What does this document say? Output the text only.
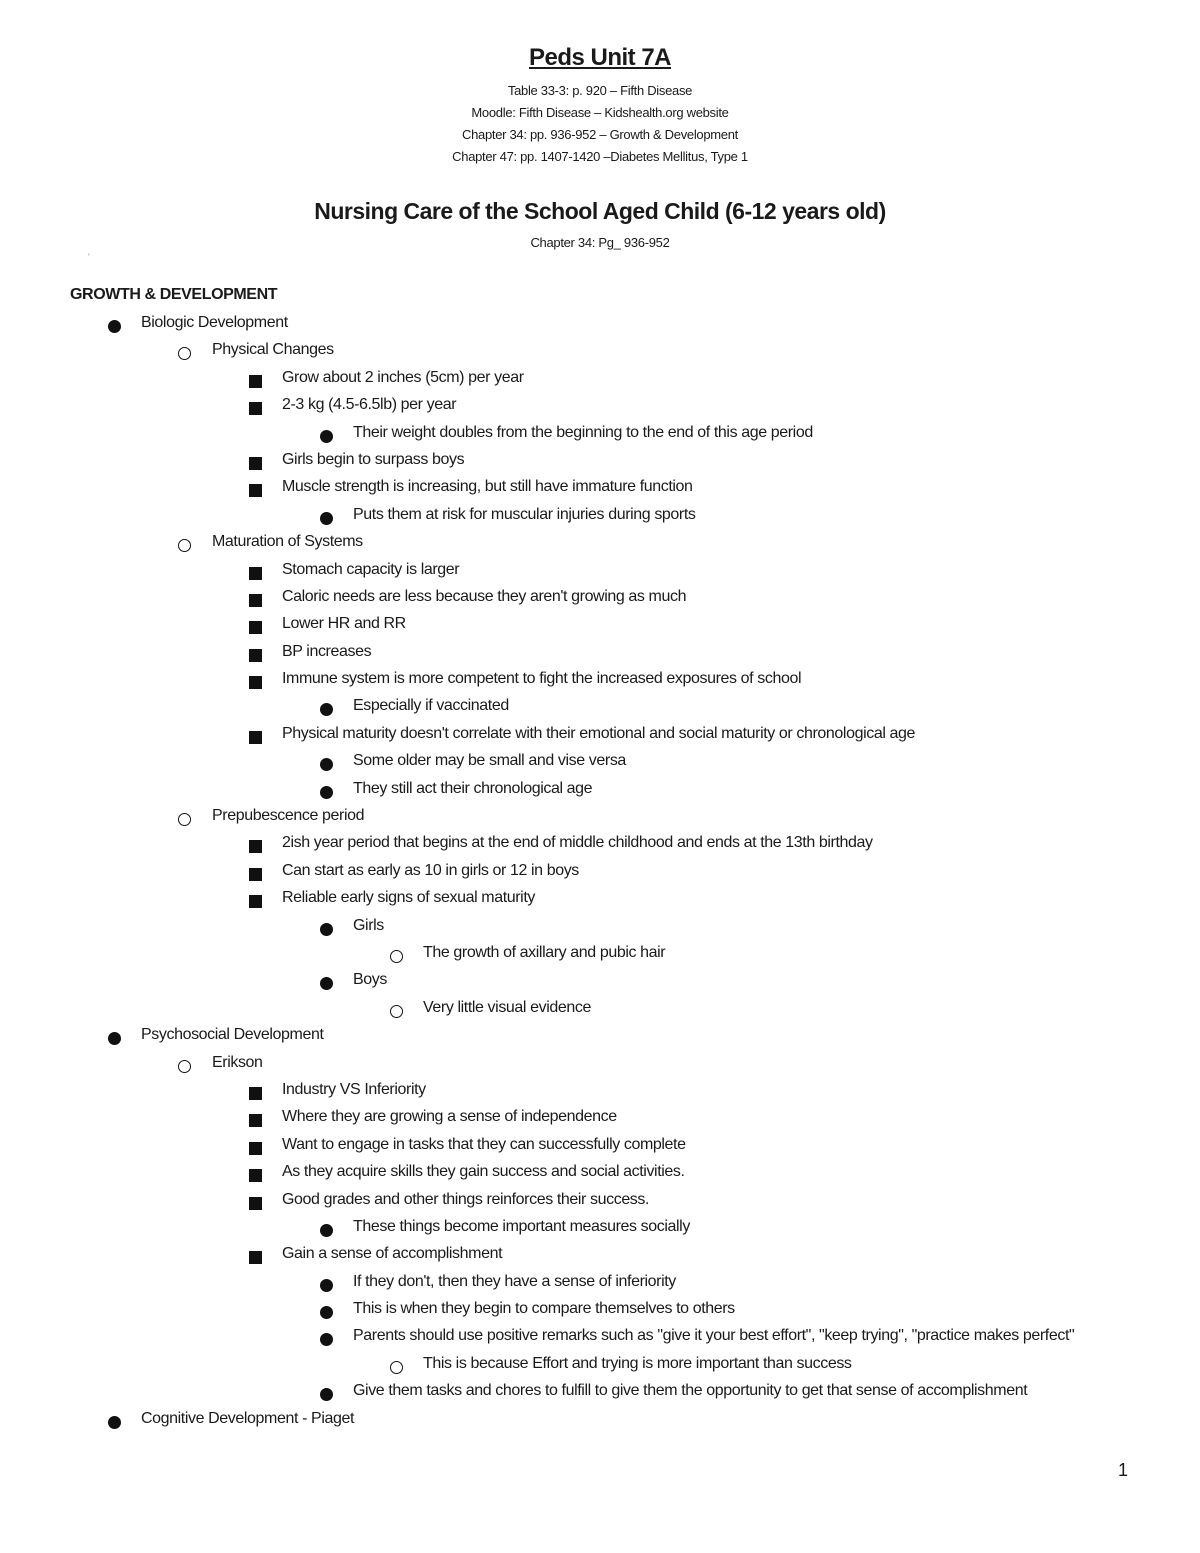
Peds Unit 7A
Table 33-3: p. 920 – Fifth Disease
Moodle: Fifth Disease – Kidshealth.org website
Chapter 34: pp. 936-952 – Growth & Development
Chapter 47: pp. 1407-1420 –Diabetes Mellitus, Type 1
Nursing Care of the School Aged Child (6-12 years old)
Chapter 34: Pg_ 936-952
'
GROWTH & DEVELOPMENT
Biologic Development
Physical Changes
Grow about 2 inches (5cm) per year
2-3 kg (4.5-6.5lb) per year
Their weight doubles from the beginning to the end of this age period
Girls begin to surpass boys
Muscle strength is increasing, but still have immature function
Puts them at risk for muscular injuries during sports
Maturation of Systems
Stomach capacity is larger
Caloric needs are less because they aren't growing as much
Lower HR and RR
BP increases
Immune system is more competent to fight the increased exposures of school
Especially if vaccinated
Physical maturity doesn't correlate with their emotional and social maturity or chronological age
Some older may be small and vise versa
They still act their chronological age
Prepubescence period
2ish year period that begins at the end of middle childhood and ends at the 13th birthday
Can start as early as 10 in girls or 12 in boys
Reliable early signs of sexual maturity
Girls
The growth of axillary and pubic hair
Boys
Very little visual evidence
Psychosocial Development
Erikson
Industry VS Inferiority
Where they are growing a sense of independence
Want to engage in tasks that they can successfully complete
As they acquire skills they gain success and social activities.
Good grades and other things reinforces their success.
These things become important measures socially
Gain a sense of accomplishment
If they don't, then they have a sense of inferiority
This is when they begin to compare themselves to others
Parents should use positive remarks such as "give it your best effort", "keep trying", "practice makes perfect"
This is because Effort and trying is more important than success
Give them tasks and chores to fulfill to give them the opportunity to get that sense of accomplishment
Cognitive Development - Piaget
1
